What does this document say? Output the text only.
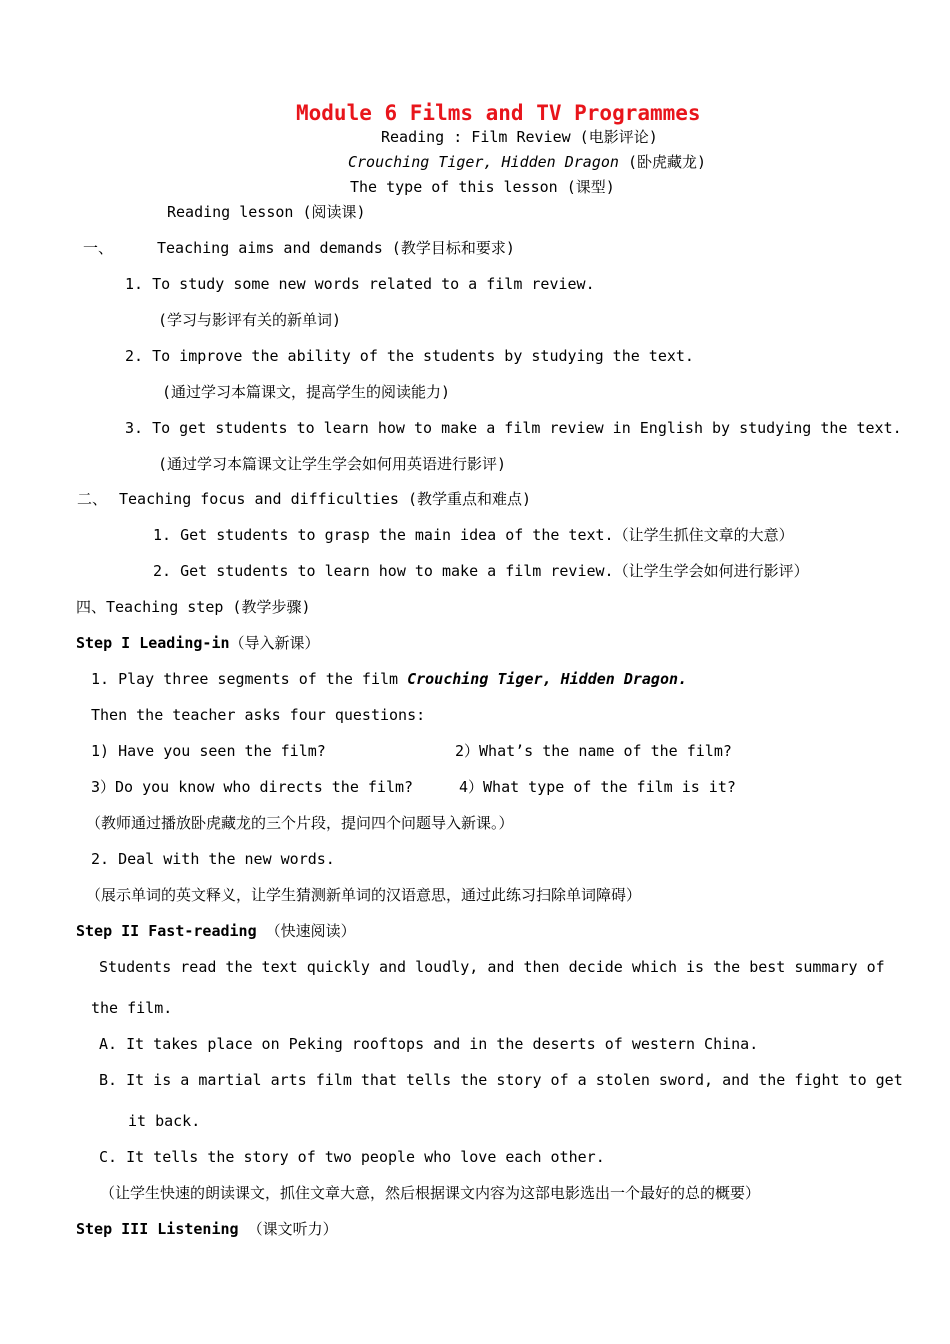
Module 6 Films and TV Programmes
Reading : Film Review (电影评论)
Crouching Tiger, Hidden Dragon (卧虎藏龙)
The type of this lesson (课型)
Reading lesson (阅读课)
一、	Teaching aims and demands (教学目标和要求)
1. To study some new words related to a film review.
(学习与影评有关的新单词)
2. To improve the ability of the students by studying the text.
(通过学习本篇课文，提高学生的阅读能力)
3. To get students to learn how to make a film review in English by studying the text.
(通过学习本篇课文让学生学会如何用英语进行影评)
二、 Teaching focus and difficulties (教学重点和难点)
1. Get students to grasp the main idea of the text.（让学生抓住文章的大意）
2. Get students to learn how to make a film review.（让学生学会如何进行影评）
四、Teaching step (教学步骤)
Step I Leading-in（导入新课）
1. Play three segments of the film Crouching Tiger, Hidden Dragon.
Then the teacher asks four questions:
1) Have you seen the film?	2）What’s the name of the film?
3）Do you know who directs the film?	4）What type of the film is it?
（教师通过播放卧虎藏龙的三个片段，提问四个问题导入新课。）
2. Deal with the new words.
（展示单词的英文释义，让学生猜测新单词的汉语意思，通过此练习扫除单词障碍）
Step II Fast-reading （快速阅读）
Students read the text quickly and loudly, and then decide which is the best summary of
the film.
A. It takes place on Peking rooftops and in the deserts of western China.
B. It is a martial arts film that tells the story of a stolen sword, and the fight to get
it back.
C. It tells the story of two people who love each other.
（让学生快速的朗读课文，抓住文章大意，然后根据课文内容为这部电影选出一个最好的总的概要）
Step III Listening （课文听力）
